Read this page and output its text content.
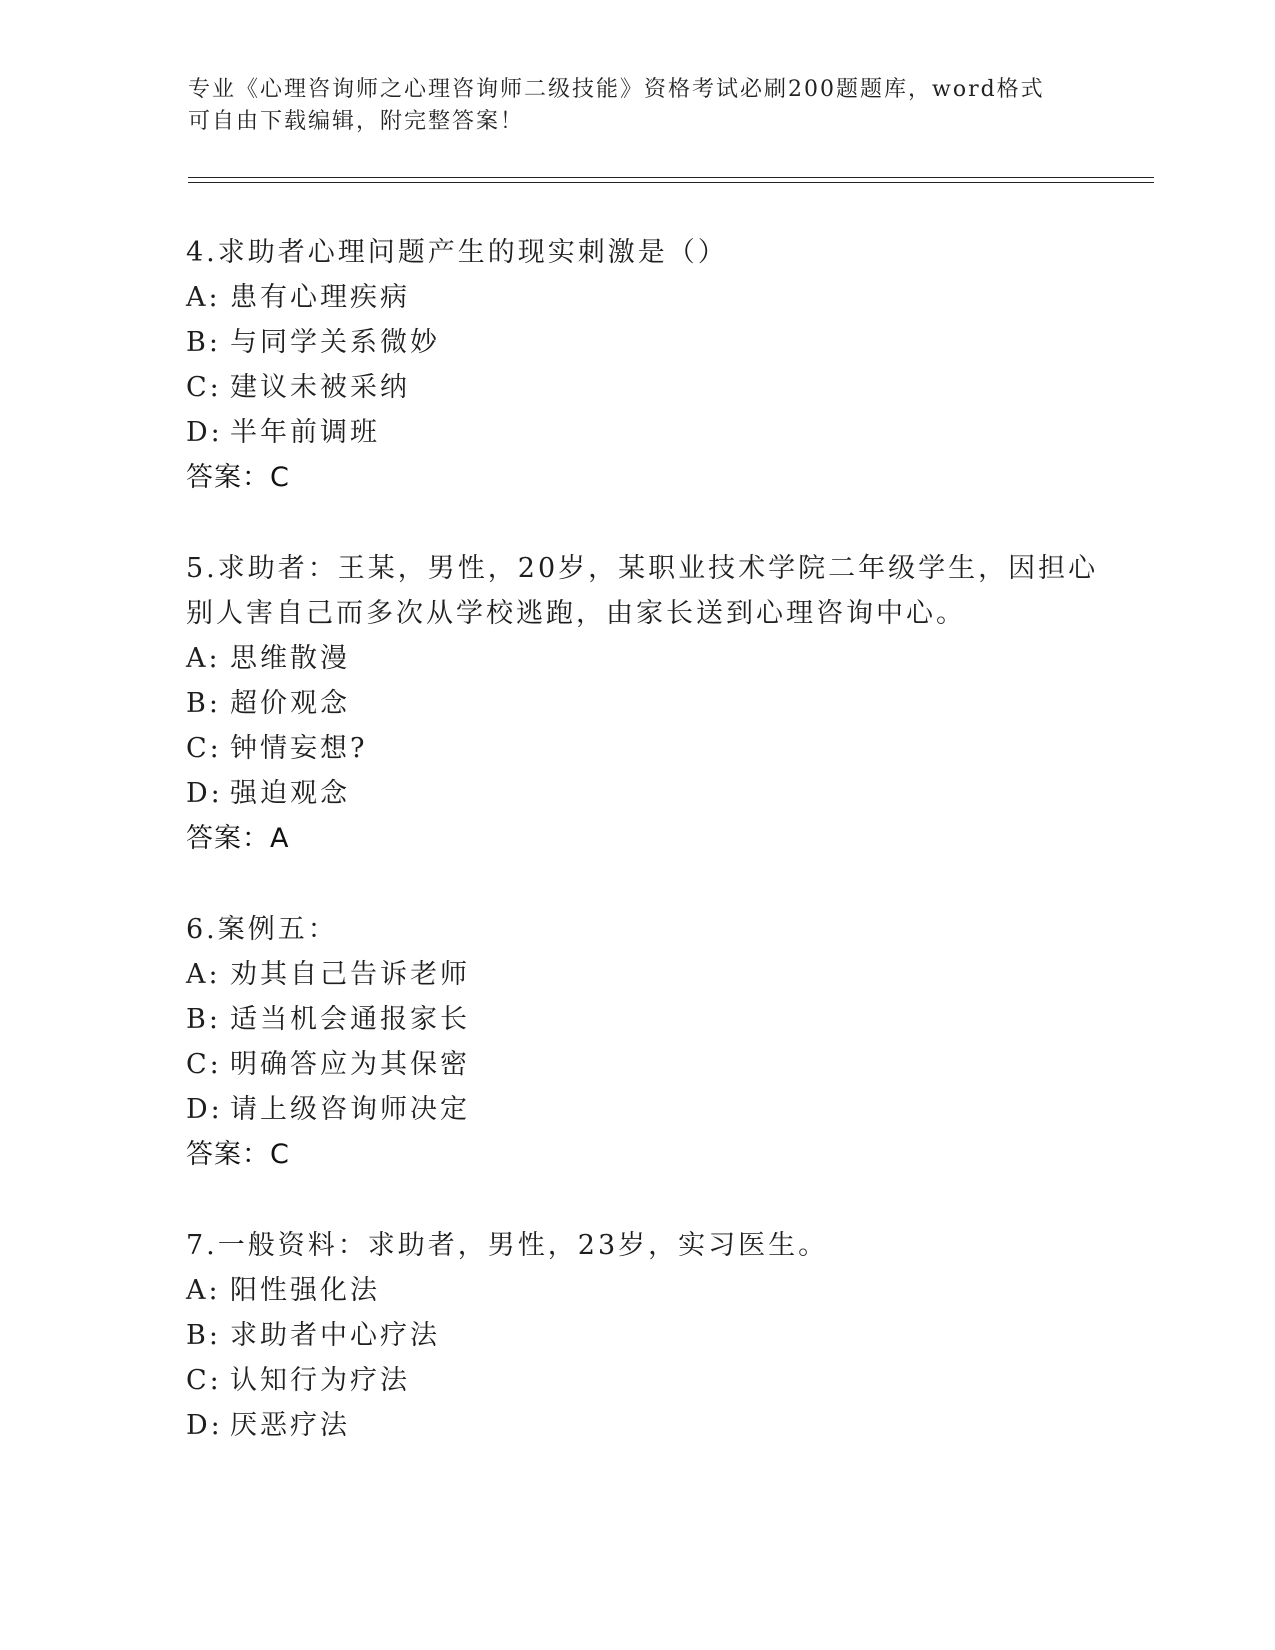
专业《心理咨询师之心理咨询师二级技能》资格考试必刷200题题库，word格式
可自由下载编辑，附完整答案！
4.求助者心理问题产生的现实刺激是（）
A: 患有心理疾病
B: 与同学关系微妙
C: 建议未被采纳
D: 半年前调班
答案：C
5.求助者：王某，男性，20岁，某职业技术学院二年级学生，因担心
别人害自己而多次从学校逃跑，由家长送到心理咨询中心。
A: 思维散漫
B: 超价观念
C: 钟情妄想?
D: 强迫观念
答案：A
6.案例五：
A: 劝其自己告诉老师
B: 适当机会通报家长
C: 明确答应为其保密
D: 请上级咨询师决定
答案：C
7.一般资料：求助者，男性，23岁，实习医生。
A: 阳性强化法
B: 求助者中心疗法
C: 认知行为疗法
D: 厌恶疗法
